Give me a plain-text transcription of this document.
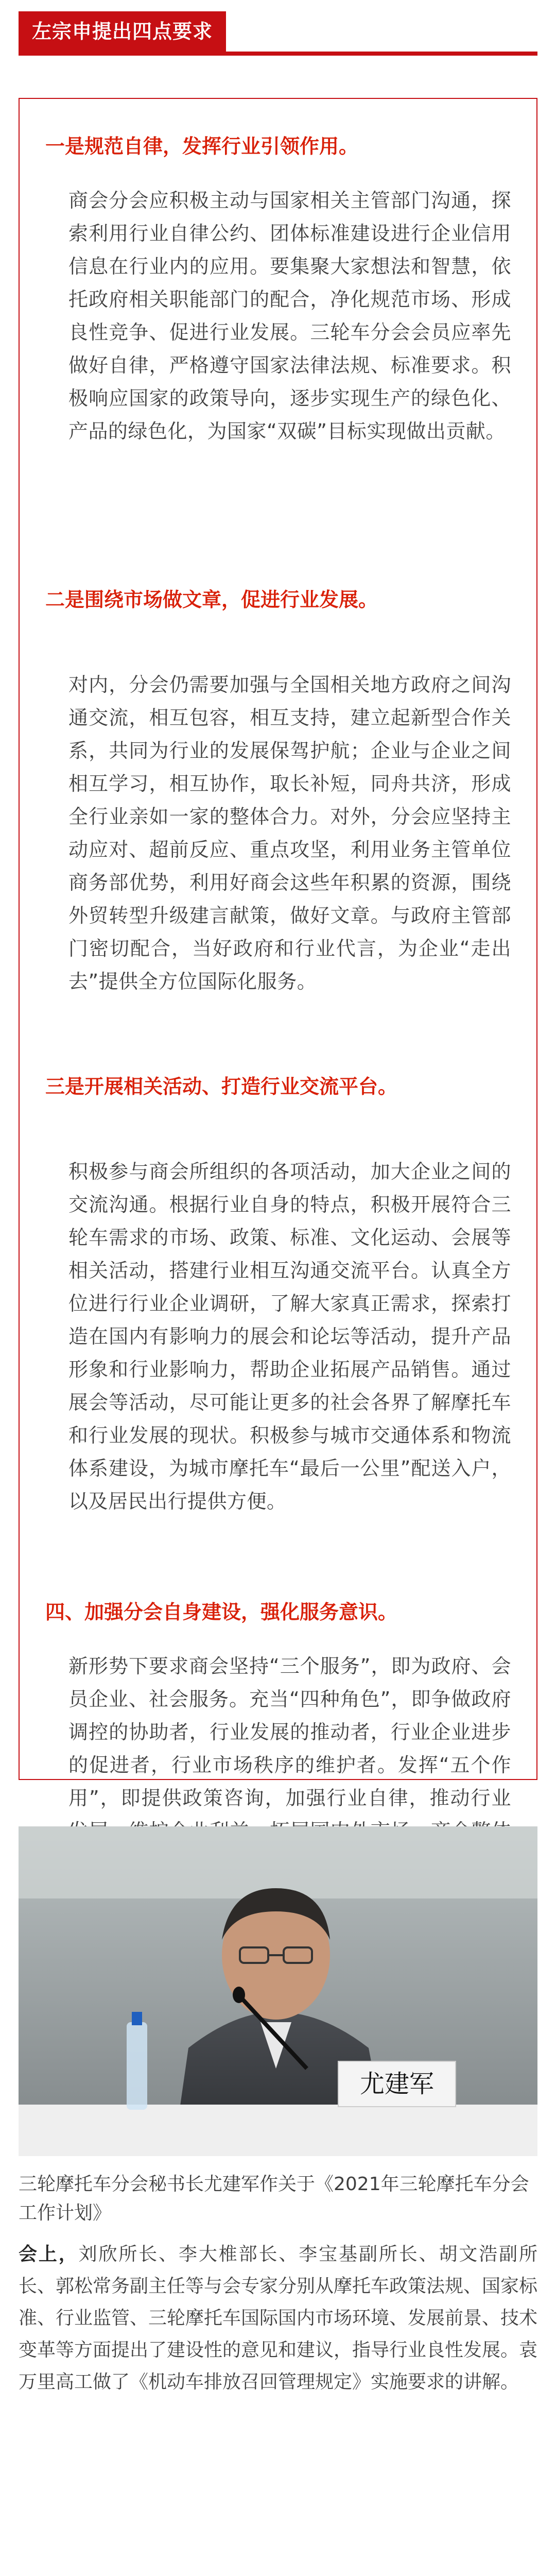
左宗申提出四点要求
一是规范自律，发挥行业引领作用。
商会分会应积极主动与国家相关主管部门沟通，探索利用行业自律公约、团体标准建设进行企业信用信息在行业内的应用。要集聚大家想法和智慧，依托政府相关职能部门的配合，净化规范市场、形成良性竞争、促进行业发展。三轮车分会会员应率先做好自律，严格遵守国家法律法规、标准要求。积极响应国家的政策导向，逐步实现生产的绿色化、产品的绿色化，为国家“双碳”目标实现做出贡献。
二是围绕市场做文章，促进行业发展。
对内，分会仍需要加强与全国相关地方政府之间沟通交流，相互包容，相互支持，建立起新型合作关系，共同为行业的发展保驾护航；企业与企业之间相互学习，相互协作，取长补短，同舟共济，形成全行业亲如一家的整体合力。对外，分会应坚持主动应对、超前反应、重点攻坚，利用业务主管单位商务部优势，利用好商会这些年积累的资源，围绕外贸转型升级建言献策，做好文章。与政府主管部门密切配合，当好政府和行业代言，为企业“走出去”提供全方位国际化服务。
三是开展相关活动、打造行业交流平台。
积极参与商会所组织的各项活动，加大企业之间的交流沟通。根据行业自身的特点，积极开展符合三轮车需求的市场、政策、标准、文化运动、会展等相关活动，搭建行业相互沟通交流平台。认真全方位进行行业企业调研，了解大家真正需求，探索打造在国内有影响力的展会和论坛等活动，提升产品形象和行业影响力，帮助企业拓展产品销售。通过展会等活动，尽可能让更多的社会各界了解摩托车和行业发展的现状。积极参与城市交通体系和物流体系建设，为城市摩托车“最后一公里”配送入户，以及居民出行提供方便。
四、加强分会自身建设，强化服务意识。
新形势下要求商会坚持“三个服务”，即为政府、会员企业、社会服务。充当“四种角色”，即争做政府调控的协助者，行业发展的推动者，行业企业进步的促进者，行业市场秩序的维护者。发挥“五个作用”，即提供政策咨询，加强行业自律，推动行业
尤建军
三轮摩托车分会秘书长尤建军作关于《2021年三轮摩托车分会工作计划》
会上，刘欣所长、李大椎部长、李宝基副所长、胡文浩副所长、郭松常务副主任等与会专家分别从摩托车政策法规、国家标准、行业监管、三轮摩托车国际国内市场环境、发展前景、技术变革等方面提出了建设性的意见和建议，指导行业良性发展。袁万里高工做了《机动车排放召回管理规定》实施要求的讲解。
